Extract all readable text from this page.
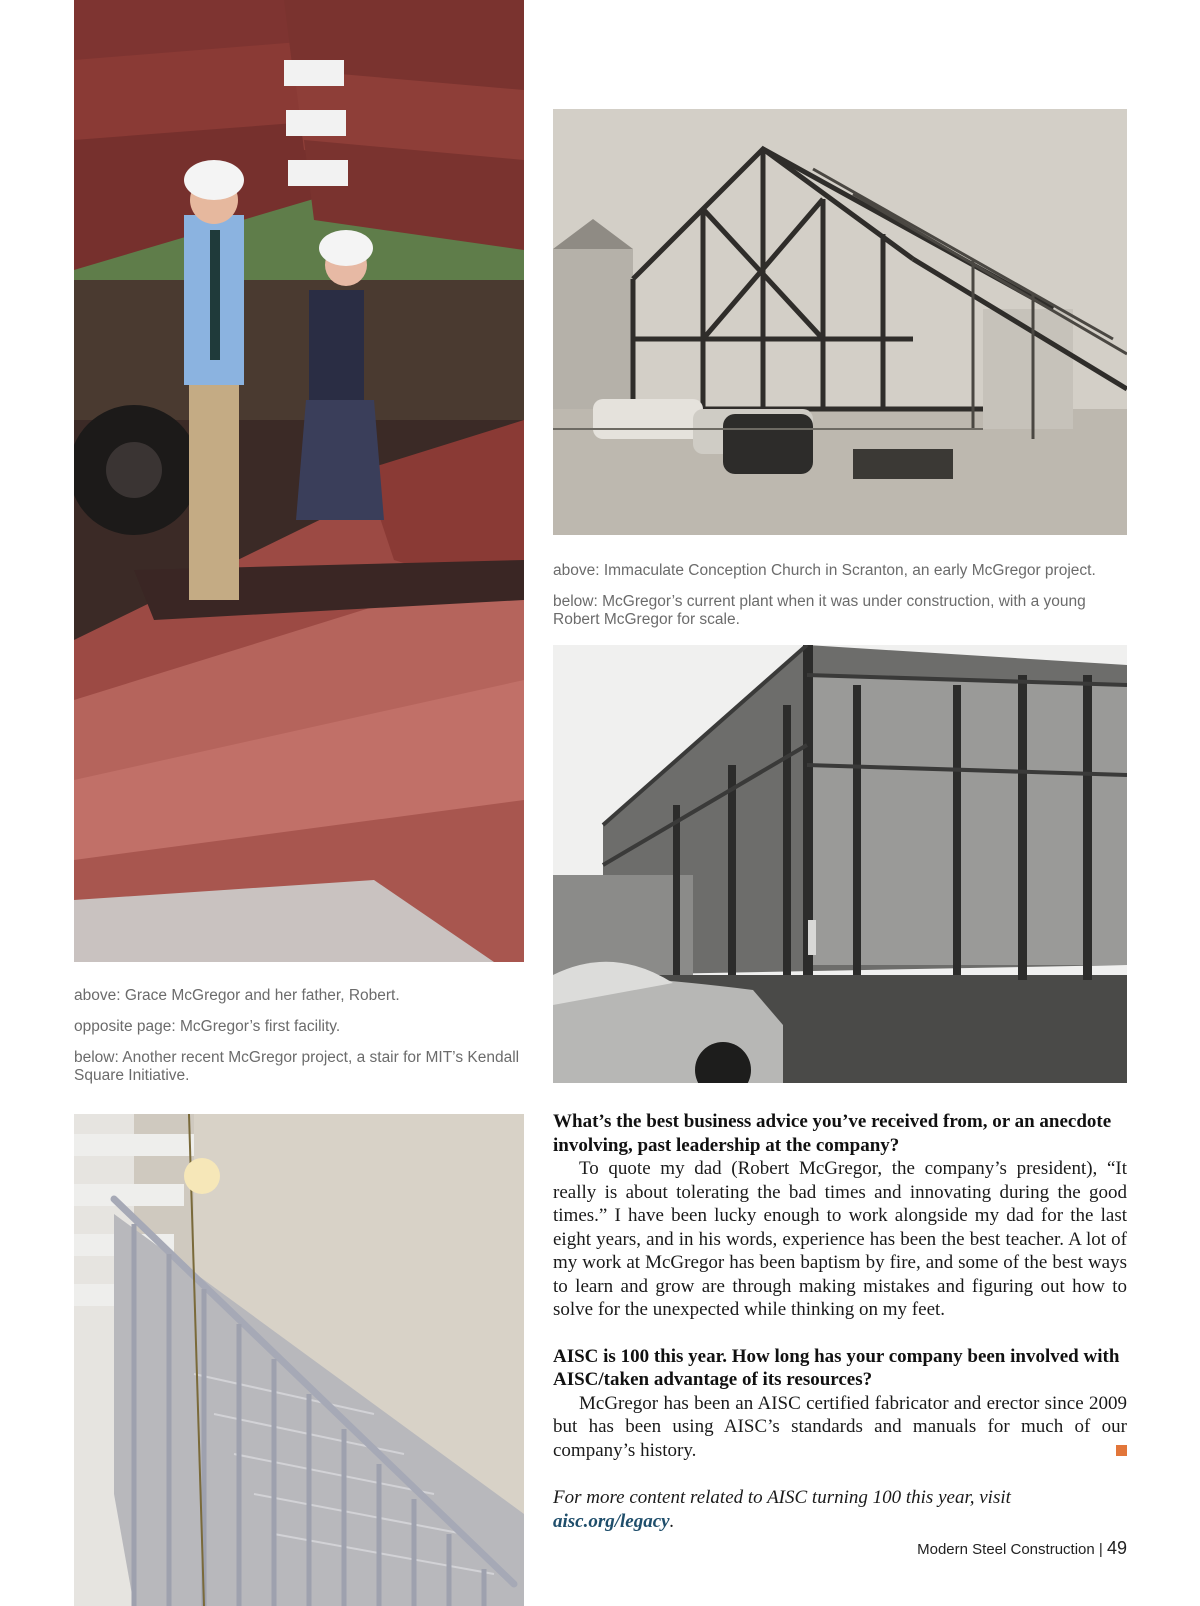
above: Immaculate Conception Church in Scranton, an early McGregor project.

below: McGregor’s current plant when it was under construction, with a young Robert McGregor for scale.

above: Grace McGregor and her father, Robert.

opposite page: McGregor’s first facility.

below: Another recent McGregor project, a stair for MIT’s Kendall Square Initiative.

What’s the best business advice you’ve received from, or an anecdote involving, past leadership at the company?

To quote my dad (Robert McGregor, the company’s president), “It really is about tolerating the bad times and innovating during the good times.” I have been lucky enough to work alongside my dad for the last eight years, and in his words, experience has been the best teacher. A lot of my work at McGregor has been baptism by fire, and some of the best ways to learn and grow are through making mistakes and figuring out how to solve for the unexpected while thinking on my feet.

AISC is 100 this year. How long has your company been involved with AISC/taken advantage of its resources?

McGregor has been an AISC certified fabricator and erector since 2009 but has been using AISC’s standards and manuals for much of our company’s history.

For more content related to AISC turning 100 this year, visit aisc.org/legacy.

Modern Steel Construction | 49
